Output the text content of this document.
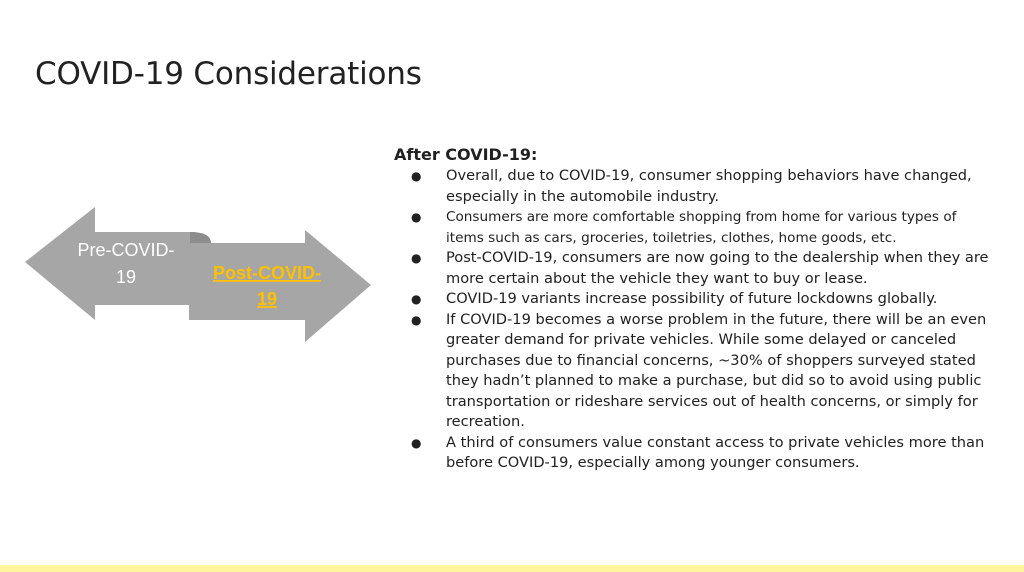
COVID-19 Considerations
Pre-COVID-
19	Post-COVID-
19
After COVID-19:
● Overall, due to COVID-19, consumer shopping behaviors have changed, especially in the automobile industry.
● Consumers are more comfortable shopping from home for various types of items such as cars, groceries, toiletries, clothes, home goods, etc.
● Post-COVID-19, consumers are now going to the dealership when they are more certain about the vehicle they want to buy or lease.
● COVID-19 variants increase possibility of future lockdowns globally.
● If COVID-19 becomes a worse problem in the future, there will be an even greater demand for private vehicles. While some delayed or canceled purchases due to financial concerns, ~30% of shoppers surveyed stated they hadn’t planned to make a purchase, but did so to avoid using public transportation or rideshare services out of health concerns, or simply for recreation.
● A third of consumers value constant access to private vehicles more than before COVID-19, especially among younger consumers.
